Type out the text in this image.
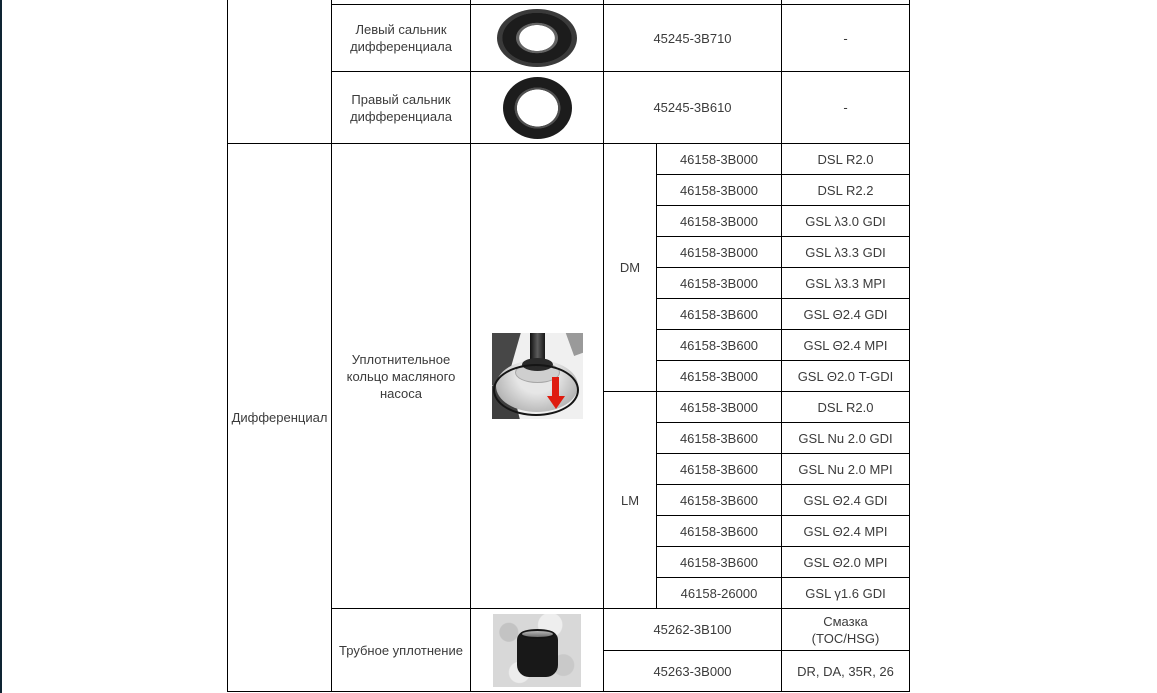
	Левый сальник дифференциала		45245-3B710		-

	Правый сальник дифференциала		45245-3B610		-

Дифференциал	Уплотнительное кольцо масляного насоса		DM	46158-3B000	DSL R2.0
				46158-3B000	DSL R2.2
				46158-3B000	GSL λ3.0 GDI
				46158-3B000	GSL λ3.3 GDI
				46158-3B000	GSL λ3.3 MPI
				46158-3B600	GSL Θ2.4 GDI
				46158-3B600	GSL Θ2.4 MPI
				46158-3B000	GSL Θ2.0 T-GDI
			LM	46158-3B000	DSL R2.0
				46158-3B600	GSL Nu 2.0 GDI
				46158-3B600	GSL Nu 2.0 MPI
				46158-3B600	GSL Θ2.4 GDI
				46158-3B600	GSL Θ2.4 MPI
				46158-3B600	GSL Θ2.0 MPI
				46158-26000	GSL γ1.6 GDI

	Трубное уплотнение		45262-3B100		Смазка
(TOC/HSG)

			45263-3B000		DR, DA, 35R, 26
